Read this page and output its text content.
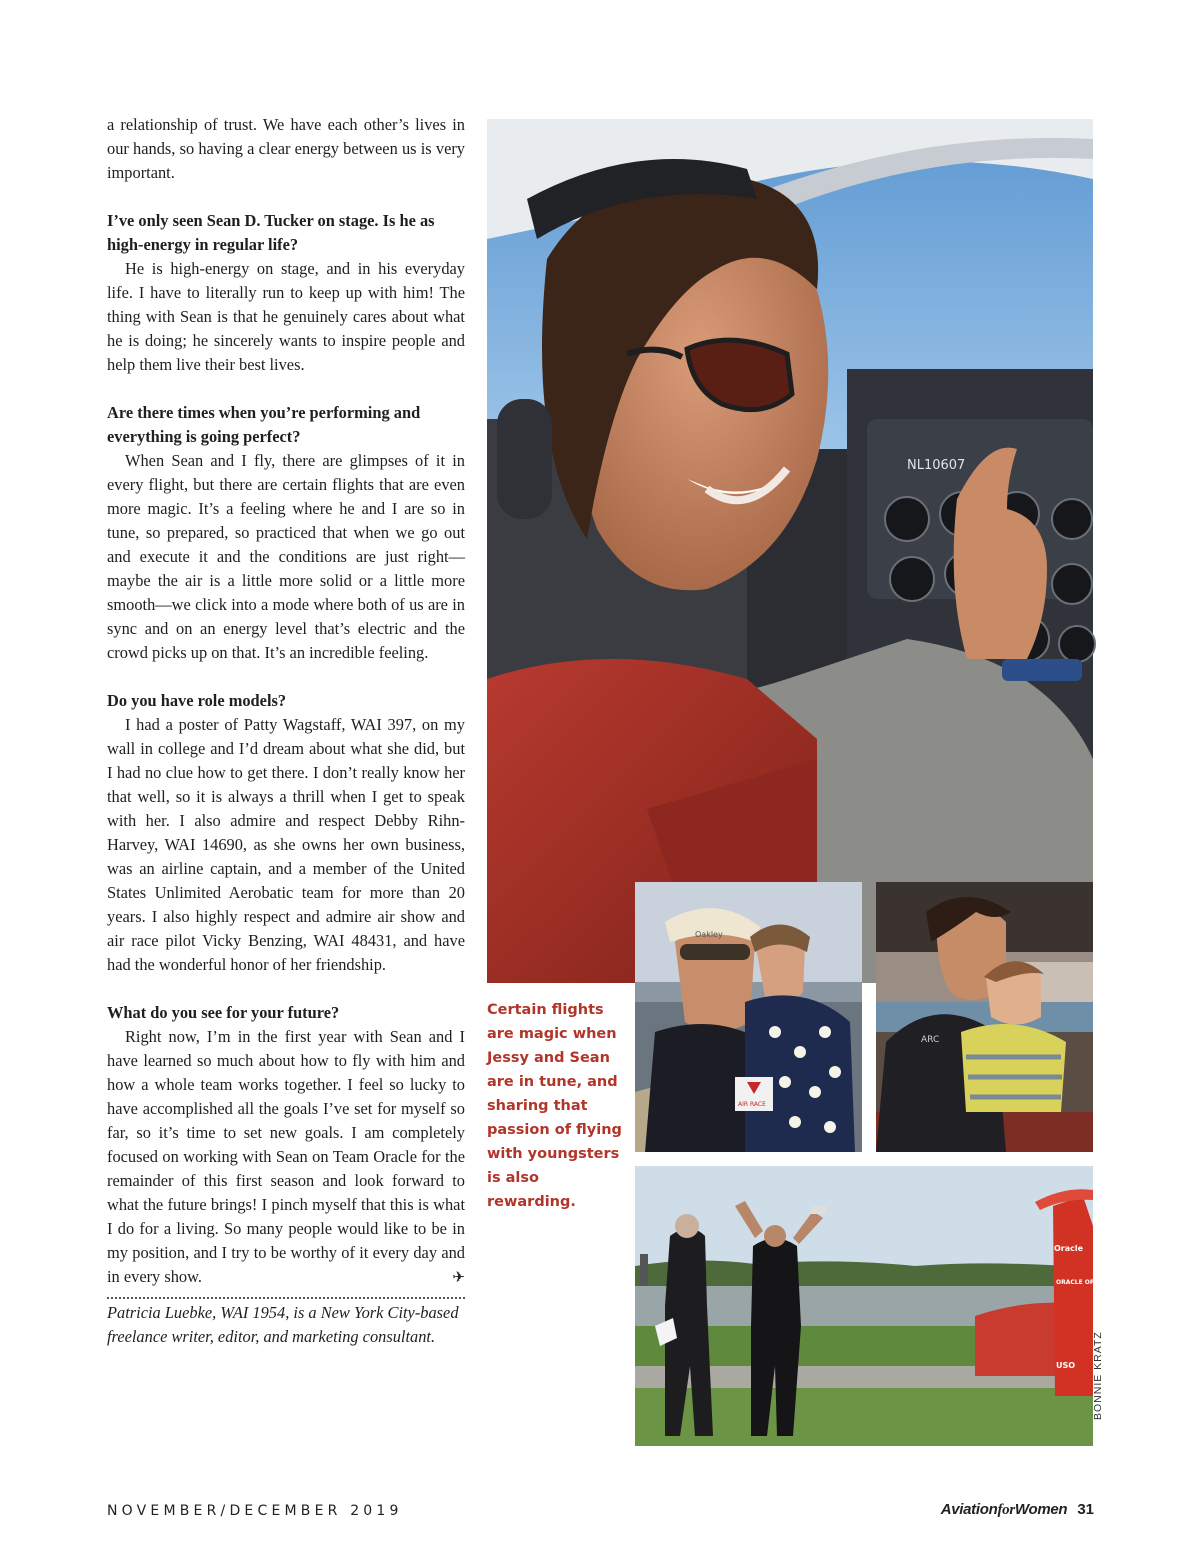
a relationship of trust. We have each other’s lives in our hands, so having a clear energy between us is very important.

I’ve only seen Sean D. Tucker on stage. Is he as high-energy in regular life?

He is high-energy on stage, and in his everyday life. I have to literally run to keep up with him! The thing with Sean is that he genuinely cares about what he is doing; he sincerely wants to inspire people and help them live their best lives.

Are there times when you’re performing and everything is going perfect?

When Sean and I fly, there are glimpses of it in every flight, but there are certain flights that are even more magic. It’s a feeling where he and I are so in tune, so prepared, so practiced that when we go out and execute it and the conditions are just right—maybe the air is a little more solid or a little more smooth—we click into a mode where both of us are in sync and on an energy level that’s electric and the crowd picks up on that. It’s an incredible feeling.

Do you have role models?

I had a poster of Patty Wagstaff, WAI 397, on my wall in college and I’d dream about what she did, but I had no clue how to get there. I don’t really know her that well, so it is always a thrill when I get to speak with her. I also admire and respect Debby Rihn-Harvey, WAI 14690, as she owns her own business, was an airline captain, and a member of the United States Unlimited Aerobatic team for more than 20 years. I also highly respect and admire air show and air race pilot Vicky Benzing, WAI 48431, and have had the wonderful honor of her friendship.

What do you see for your future?

Right now, I’m in the first year with Sean and I have learned so much about how to fly with him and how a whole team works together. I feel so lucky to have accomplished all the goals I’ve set for myself so far, so it’s time to set new goals. I am completely focused on working with Sean on Team Oracle for the remainder of this first season and look forward to what the future brings! I pinch myself that this is what I do for a living. So many people would like to be in my position, and I try to be worthy of it every day and in every show.	✈

Patricia Luebke, WAI 1954, is a New York City-based freelance writer, editor, and marketing consultant.

NL10607
AIR RACE
Oakley
ARC
Oracle
ORACLE OPEN WORLD
USO
Certain flights are magic when Jessy and Sean are in tune, and sharing that passion of flying with youngsters is also rewarding.
BONNIE KRATZ
NOVEMBER/DECEMBER 2019	AviationforWomen 31
